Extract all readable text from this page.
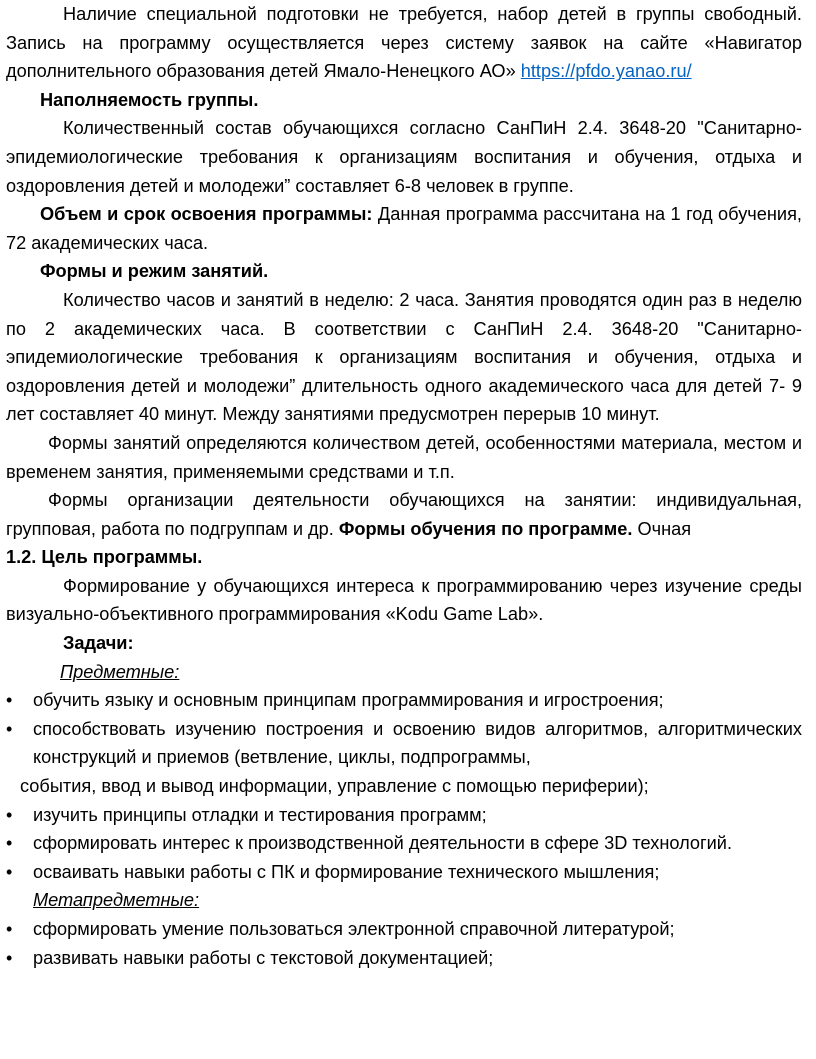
Наличие специальной подготовки не требуется, набор детей в группы свободный. Запись на программу осуществляется через систему заявок на сайте «Навигатор дополнительного образования детей Ямало-Ненецкого АО» https://pfdo.yanao.ru/

Наполняемость группы.

Количественный состав обучающихся согласно СанПиН 2.4. 3648-20 "Санитарно-эпидемиологические требования к организациям воспитания и обучения, отдыха и оздоровления детей и молодежи” составляет 6-8 человек в группе.

Объем и срок освоения программы: Данная программа рассчитана на 1 год обучения, 72 академических часа.

Формы и режим занятий.

Количество часов и занятий в неделю: 2 часа. Занятия проводятся один раз в неделю по 2 академических часа. В соответствии с СанПиН 2.4. 3648-20 "Санитарно-эпидемиологические требования к организациям воспитания и обучения, отдыха и оздоровления детей и молодежи” длительность одного академического часа для детей 7- 9 лет составляет 40 минут. Между занятиями предусмотрен перерыв 10 минут.

Формы занятий определяются количеством детей, особенностями материала, местом и временем занятия, применяемыми средствами и т.п.

Формы организации деятельности обучающихся на занятии: индивидуальная, групповая, работа по подгруппам и др. Формы обучения по программе. Очная

1.2. Цель программы.

Формирование у обучающихся интереса к программированию через изучение среды визуально-объективного программирования «Kodu Game Lab».

Задачи:

Предметные:

• обучить языку и основным принципам программирования и игростроения;
• способствовать изучению построения и освоению видов алгоритмов, алгоритмических конструкций и приемов (ветвление, циклы, подпрограммы,

события, ввод и вывод информации, управление с помощью периферии);

• изучить принципы отладки и тестирования программ;
• сформировать интерес к производственной деятельности в сфере 3D технологий.
• осваивать навыки работы с ПК и формирование технического мышления;

Метапредметные:

• сформировать умение пользоваться электронной справочной литературой;
• развивать навыки работы с текстовой документацией;
